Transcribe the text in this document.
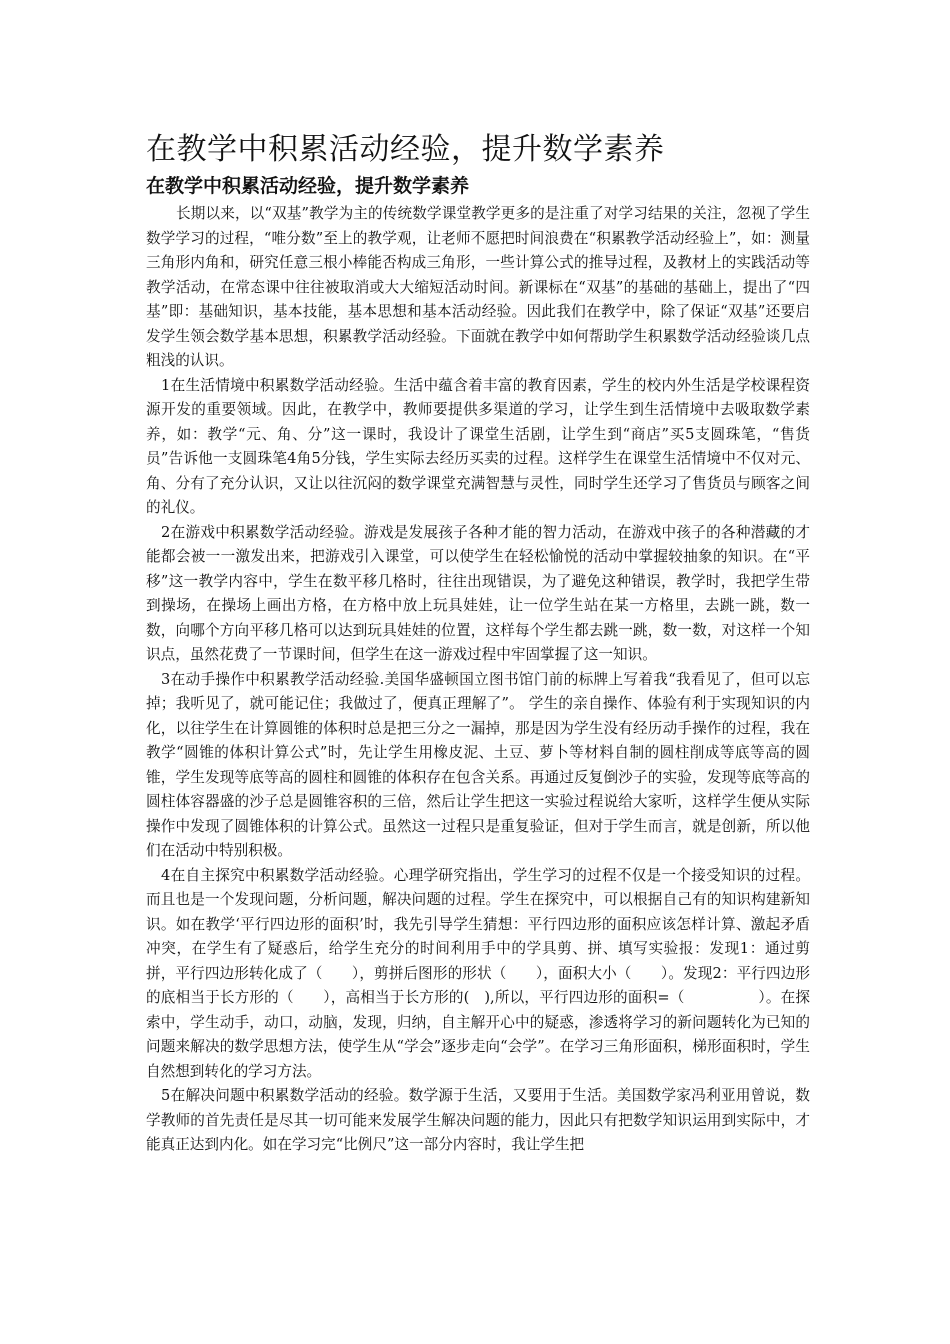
在教学中积累活动经验，提升数学素养
在教学中积累活动经验，提升数学素养

长期以来，以“双基”教学为主的传统数学课堂教学更多的是注重了对学习结果的关注，忽视了学生数学学习的过程，“唯分数”至上的教学观，让老师不愿把时间浪费在“积累教学活动经验上”，如：测量三角形内角和，研究任意三根小棒能否构成三角形，一些计算公式的推导过程，及教材上的实践活动等教学活动，在常态课中往往被取消或大大缩短活动时间。新课标在“双基”的基础的基础上，提出了“四基”即：基础知识，基本技能，基本思想和基本活动经验。因此我们在教学中，除了保证“双基”还要启发学生领会数学基本思想，积累教学活动经验。下面就在教学中如何帮助学生积累数学活动经验谈几点粗浅的认识。

1在生活情境中积累数学活动经验。生活中蕴含着丰富的教育因素，学生的校内外生活是学校课程资源开发的重要领域。因此，在教学中，教师要提供多渠道的学习，让学生到生活情境中去吸取数学素养，如：教学“元、角、分”这一课时，我设计了课堂生活剧，让学生到“商店”买5支圆珠笔，“售货员”告诉他一支圆珠笔4角5分钱，学生实际去经历买卖的过程。这样学生在课堂生活情境中不仅对元、角、分有了充分认识，又让以往沉闷的数学课堂充满智慧与灵性，同时学生还学习了售货员与顾客之间的礼仪。

2在游戏中积累数学活动经验。游戏是发展孩子各种才能的智力活动，在游戏中孩子的各种潜藏的才能都会被一一激发出来，把游戏引入课堂，可以使学生在轻松愉悦的活动中掌握较抽象的知识。在“平移”这一教学内容中，学生在数平移几格时，往往出现错误，为了避免这种错误，教学时，我把学生带到操场，在操场上画出方格，在方格中放上玩具娃娃，让一位学生站在某一方格里，去跳一跳，数一数，向哪个方向平移几格可以达到玩具娃娃的位置，这样每个学生都去跳一跳，数一数，对这样一个知识点，虽然花费了一节课时间，但学生在这一游戏过程中牢固掌握了这一知识。

3在动手操作中积累教学活动经验.美国华盛顿国立图书馆门前的标牌上写着我“我看见了，但可以忘掉；我听见了，就可能记住；我做过了，便真正理解了”。 学生的亲自操作、体验有利于实现知识的内化，以往学生在计算圆锥的体积时总是把三分之一漏掉，那是因为学生没有经历动手操作的过程，我在教学“圆锥的体积计算公式”时，先让学生用橡皮泥、土豆、萝卜等材料自制的圆柱削成等底等高的圆锥，学生发现等底等高的圆柱和圆锥的体积存在包含关系。再通过反复倒沙子的实验，发现等底等高的圆柱体容器盛的沙子总是圆锥容积的三倍，然后让学生把这一实验过程说给大家听，这样学生便从实际操作中发现了圆锥体积的计算公式。虽然这一过程只是重复验证，但对于学生而言，就是创新，所以他们在活动中特别积极。

4在自主探究中积累数学活动经验。心理学研究指出，学生学习的过程不仅是一个接受知识的过程。而且也是一个发现问题，分析问题，解决问题的过程。学生在探究中，可以根据自己有的知识构建新知识。如在教学‘平行四边形的面积’时，我先引导学生猜想：平行四边形的面积应该怎样计算、激起矛盾冲突，在学生有了疑惑后，给学生充分的时间利用手中的学具剪、拼、填写实验报：发现1：通过剪拼，平行四边形转化成了（　　），剪拼后图形的形状（　　），面积大小（　　）。发现2：平行四边形的底相当于长方形的（　　），高相当于长方形的(　),所以，平行四边形的面积=（　　　　　）。在探索中，学生动手，动口，动脑，发现，归纳，自主解开心中的疑惑，渗透将学习的新问题转化为已知的问题来解决的数学思想方法，使学生从“学会”逐步走向“会学”。在学习三角形面积，梯形面积时，学生自然想到转化的学习方法。

5在解决问题中积累数学活动的经验。数学源于生活，又要用于生活。美国数学家冯利亚用曾说，数学教师的首先责任是尽其一切可能来发展学生解决问题的能力，因此只有把数学知识运用到实际中，才能真正达到内化。如在学习完“比例尺”这一部分内容时，我让学生把
